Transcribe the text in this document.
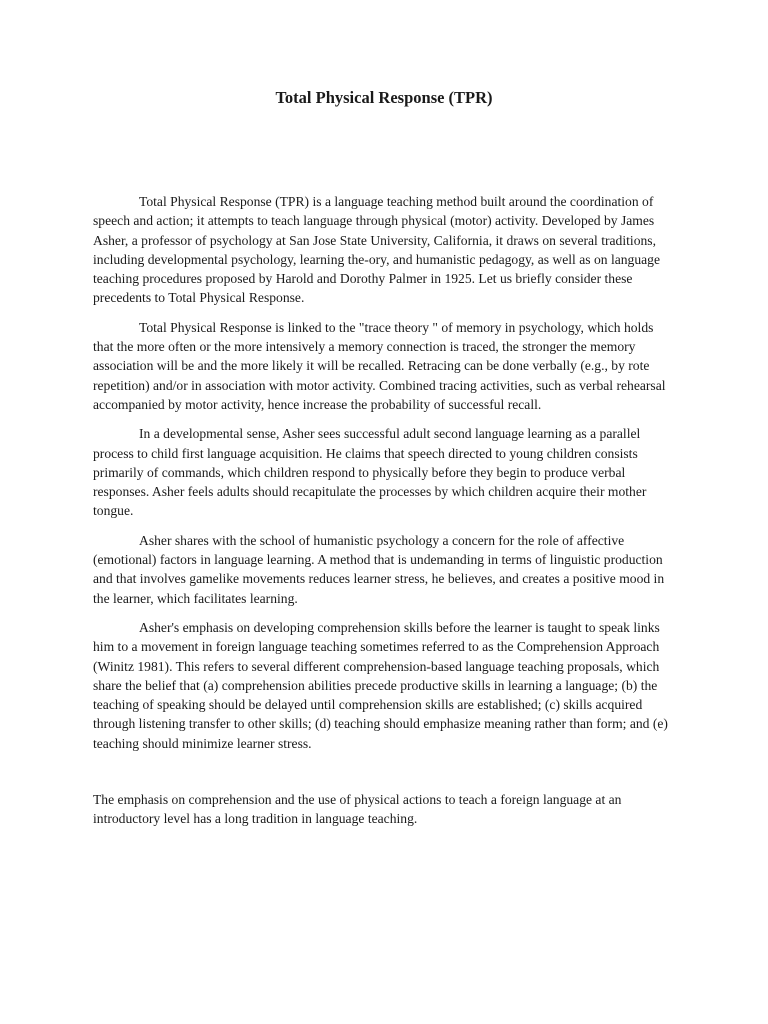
Total Physical Response (TPR)

Total Physical Response (TPR) is a language teaching method built around the coordination of speech and action; it attempts to teach language through physical (motor) activity. Developed by James Asher, a professor of psychology at San Jose State University, California, it draws on several traditions, including developmental psychology, learning the-ory, and humanistic pedagogy, as well as on language teaching procedures proposed by Harold and Dorothy Palmer in 1925. Let us briefly consider these precedents to Total Physical Response.

Total Physical Response is linked to the "trace theory " of memory in psychology, which holds that the more often or the more intensively a memory connection is traced, the stronger the memory association will be and the more likely it will be recalled. Retracing can be done verbally (e.g., by rote repetition) and/or in association with motor activity. Combined tracing activities, such as verbal rehearsal accompanied by motor activity, hence increase the probability of successful recall.

In a developmental sense, Asher sees successful adult second language learning as a parallel process to child first language acquisition. He claims that speech directed to young children consists primarily of commands, which children respond to physically before they begin to produce verbal responses. Asher feels adults should recapitulate the processes by which children acquire their mother tongue.

Asher shares with the school of humanistic psychology a concern for the role of affective (emotional) factors in language learning. A method that is undemanding in terms of linguistic production and that involves gamelike movements reduces learner stress, he believes, and creates a positive mood in the learner, which facilitates learning.

Asher's emphasis on developing comprehension skills before the learner is taught to speak links him to a movement in foreign language teaching sometimes referred to as the Comprehension Approach (Winitz 1981). This refers to several different comprehension-based language teaching proposals, which share the belief that (a) comprehension abilities precede productive skills in learning a language; (b) the teaching of speaking should be delayed until comprehension skills are established; (c) skills acquired through listening transfer to other skills; (d) teaching should emphasize meaning rather than form; and (e) teaching should minimize learner stress.

The emphasis on comprehension and the use of physical actions to teach a foreign language at an introductory level has a long tradition in language teaching.
